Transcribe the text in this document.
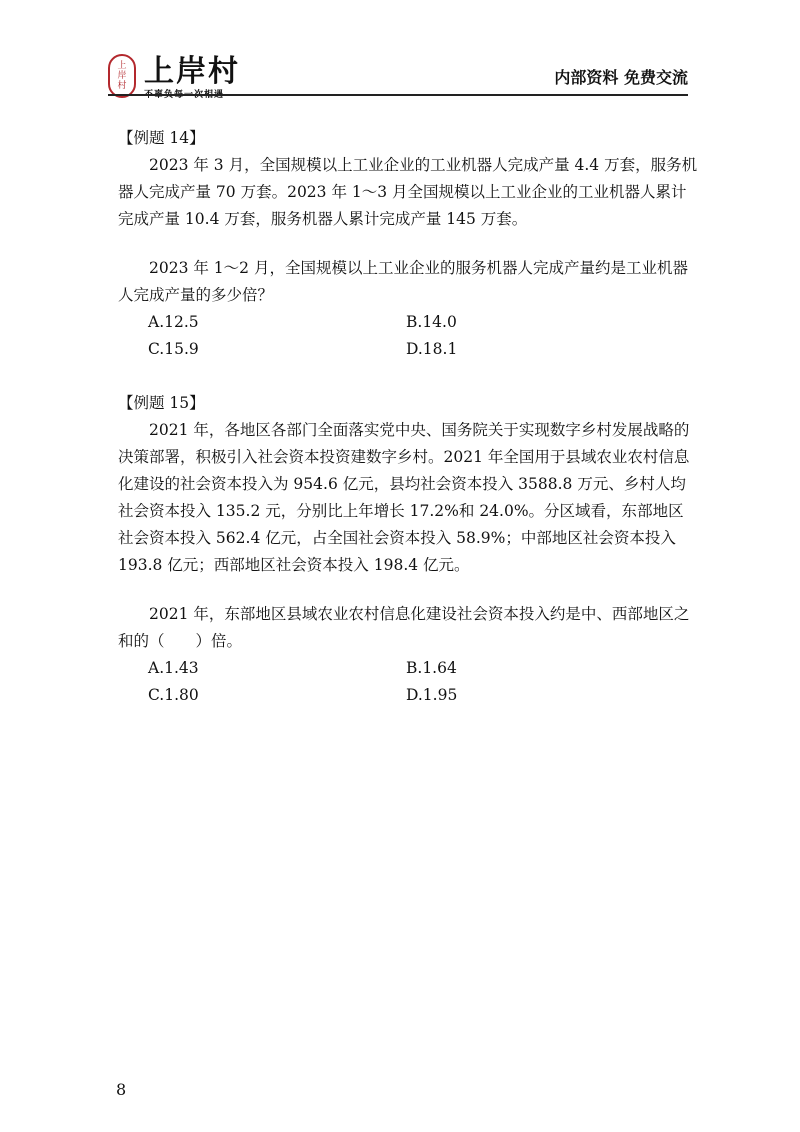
上
岸
村 上岸村
不辜负每一次相遇
内部资料 免费交流

【例题 14】

2023 年 3 月，全国规模以上工业企业的工业机器人完成产量 4.4 万套，服务机器人完成产量 70 万套。2023 年 1～3 月全国规模以上工业企业的工业机器人累计完成产量 10.4 万套，服务机器人累计完成产量 145 万套。

2023 年 1～2 月，全国规模以上工业企业的服务机器人完成产量约是工业机器人完成产量的多少倍？

A.12.5	B.14.0
C.15.9	D.18.1

【例题 15】

2021 年，各地区各部门全面落实党中央、国务院关于实现数字乡村发展战略的决策部署，积极引入社会资本投资建数字乡村。2021 年全国用于县域农业农村信息化建设的社会资本投入为 954.6 亿元，县均社会资本投入 3588.8 万元、乡村人均社会资本投入 135.2 元，分别比上年增长 17.2%和 24.0%。分区域看，东部地区社会资本投入 562.4 亿元，占全国社会资本投入 58.9%；中部地区社会资本投入 193.8 亿元；西部地区社会资本投入 198.4 亿元。

2021 年，东部地区县域农业农村信息化建设社会资本投入约是中、西部地区之和的（　　）倍。

A.1.43	B.1.64
C.1.80	D.1.95
8
